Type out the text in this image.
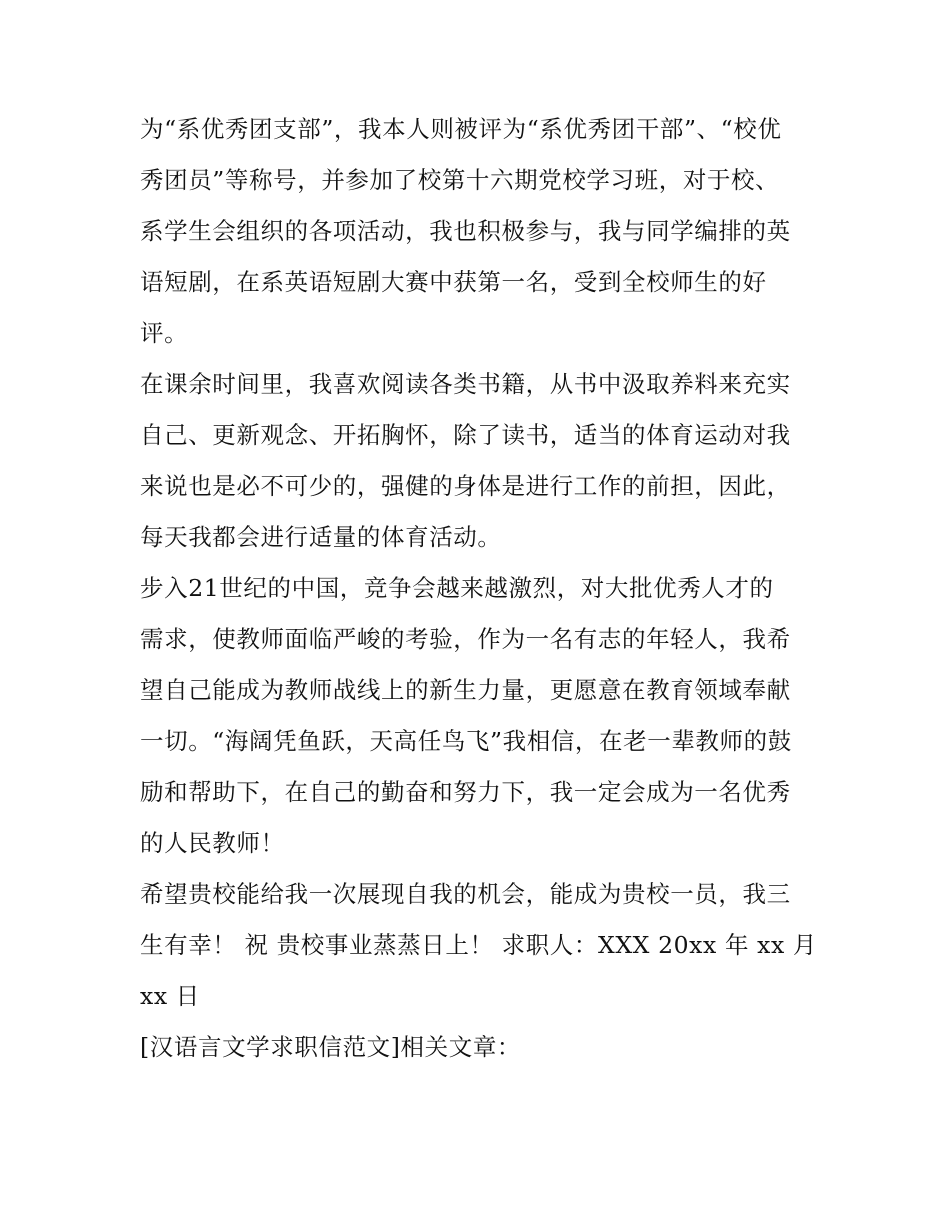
为“系优秀团支部”，我本人则被评为“系优秀团干部”、“校优
秀团员”等称号，并参加了校第十六期党校学习班，对于校、
系学生会组织的各项活动，我也积极参与，我与同学编排的英
语短剧，在系英语短剧大赛中获第一名，受到全校师生的好
评。

在课余时间里，我喜欢阅读各类书籍，从书中汲取养料来充实
自己、更新观念、开拓胸怀，除了读书，适当的体育运动对我
来说也是必不可少的，强健的身体是进行工作的前担，因此，
每天我都会进行适量的体育活动。

步入21世纪的中国，竞争会越来越激烈，对大批优秀人才的
需求，使教师面临严峻的考验，作为一名有志的年轻人，我希
望自己能成为教师战线上的新生力量，更愿意在教育领域奉献
一切。“海阔凭鱼跃，天高任鸟飞”我相信，在老一辈教师的鼓
励和帮助下，在自己的勤奋和努力下，我一定会成为一名优秀
的人民教师！

希望贵校能给我一次展现自我的机会，能成为贵校一员，我三
生有幸！ 祝 贵校事业蒸蒸日上！ 求职人：XXX 20xx 年 xx 月
xx 日

[汉语言文学求职信范文]相关文章：
